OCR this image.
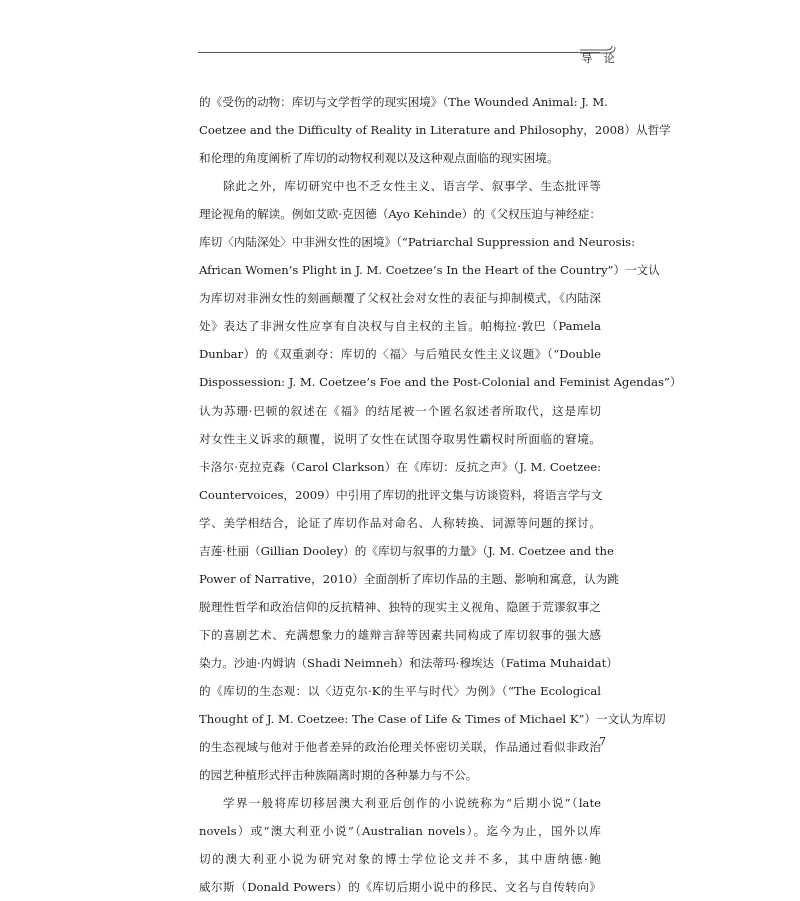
导 论
的《受伤的动物：库切与文学哲学的现实困境》（The Wounded Animal: J. M.
Coetzee and the Difficulty of Reality in Literature and Philosophy，2008）从哲学
和伦理的角度阐析了库切的动物权利观以及这种观点面临的现实困境。
除此之外，库切研究中也不乏女性主义、语言学、叙事学、生态批评等
理论视角的解读。例如艾欧·克因德（Ayo Kehinde）的《父权压迫与神经症：
库切〈内陆深处〉中非洲女性的困境》（“Patriarchal Suppression and Neurosis:
African Women’s Plight in J. M. Coetzee’s In the Heart of the Country”）一文认
为库切对非洲女性的刻画颠覆了父权社会对女性的表征与抑制模式，《内陆深
处》表达了非洲女性应享有自决权与自主权的主旨。帕梅拉·敦巴（Pamela
Dunbar）的《双重剥夺：库切的〈福〉与后殖民女性主义议题》（“Double
Dispossession: J. M. Coetzee’s Foe and the Post-Colonial and Feminist Agendas”）
认为苏珊·巴顿的叙述在《福》的结尾被一个匿名叙述者所取代，这是库切
对女性主义诉求的颠覆，说明了女性在试图夺取男性霸权时所面临的窘境。
卡洛尔·克拉克森（Carol Clarkson）在《库切：反抗之声》（J. M. Coetzee:
Countervoices，2009）中引用了库切的批评文集与访谈资料，将语言学与文
学、美学相结合，论证了库切作品对命名、人称转换、词源等问题的探讨。
吉莲·杜丽（Gillian Dooley）的《库切与叙事的力量》（J. M. Coetzee and the
Power of Narrative，2010）全面剖析了库切作品的主题、影响和寓意，认为跳
脱理性哲学和政治信仰的反抗精神、独特的现实主义视角、隐匿于荒谬叙事之
下的喜剧艺术、充满想象力的雄辩言辞等因素共同构成了库切叙事的强大感
染力。沙迪·内姆讷（Shadi Neimneh）和法蒂玛·穆埃达（Fatima Muhaidat）
的《库切的生态观：以〈迈克尔·K的生平与时代〉为例》（“The Ecological
Thought of J. M. Coetzee: The Case of Life & Times of Michael K”）一文认为库切
的生态视域与他对于他者差异的政治伦理关怀密切关联，作品通过看似非政治
的园艺种植形式抨击种族隔离时期的各种暴力与不公。
学界一般将库切移居澳大利亚后创作的小说统称为“后期小说”（late
novels）或“澳大利亚小说”（Australian novels）。迄今为止，国外以库
切的澳大利亚小说为研究对象的博士学位论文并不多，其中唐纳德·鲍
威尔斯（Donald Powers）的《库切后期小说中的移民、文名与自传转向》
7
